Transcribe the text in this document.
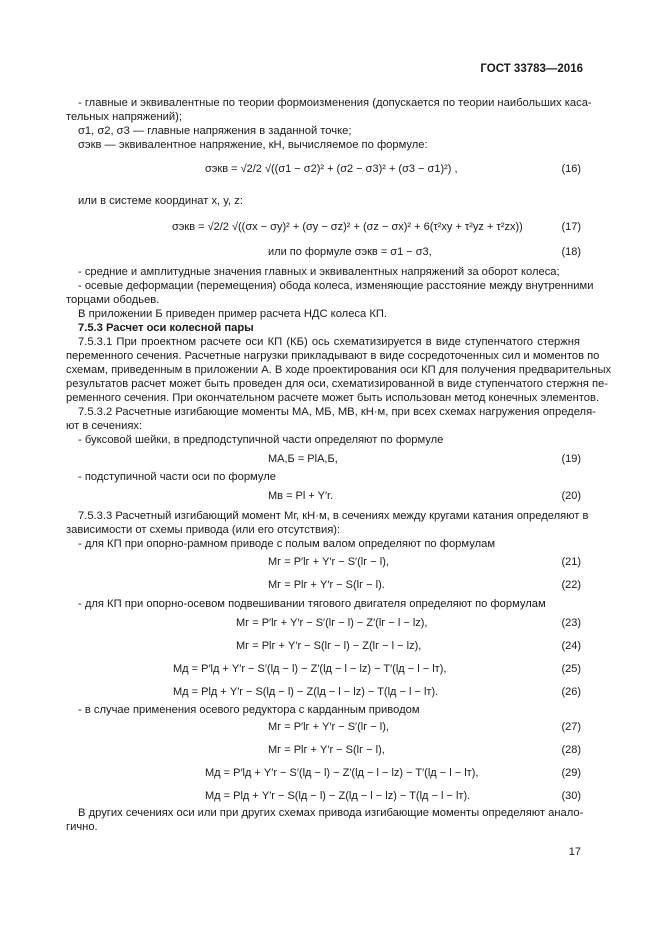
ГОСТ 33783—2016
- главные и эквивалентные по теории формоизменения (допускается по теории наибольших каса-
тельных напряжений);
σ1, σ2, σ3 — главные напряжения в заданной точке;
σэкв — эквивалентное напряжение, кН, вычисляемое по формуле:
σэкв = √2/2 √((σ1 − σ2)² + (σ2 − σ3)² + (σ3 − σ1)²) ,	(16)
или в системе координат x, y, z:
σэкв = √2/2 √((σx − σy)² + (σy − σz)² + (σz − σx)² + 6(τ²xy + τ²yz + τ²zx))	(17)
или по формуле σэкв = σ1 − σ3,	(18)
- средние и амплитудные значения главных и эквивалентных напряжений за оборот колеса;
- осевые деформации (перемещения) обода колеса, изменяющие расстояние между внутренними
торцами ободьев.
В приложении Б приведен пример расчета НДС колеса КП.
7.5.3 Расчет оси колесной пары
7.5.3.1 При проектном расчете оси КП (КБ) ось схематизируется в виде ступенчатого стержня
переменного сечения. Расчетные нагрузки прикладывают в виде сосредоточенных сил и моментов по
схемам, приведенным в приложении А. В ходе проектирования оси КП для получения предварительных
результатов расчет может быть проведен для оси, схематизированной в виде ступенчатого стержня пе-
ременного сечения. При окончательном расчете может быть использован метод конечных элементов.
7.5.3.2 Расчетные изгибающие моменты MА, MБ, MВ, кН·м, при всех схемах нагружения определя-
ют в сечениях:
- буксовой шейки, в предподступичной части определяют по формуле
MА,Б = PlА,Б,	(19)
- подступичной части оси по формуле
Mв = Pl + Y′r.	(20)
7.5.3.3 Расчетный изгибающий момент Mг, кН·м, в сечениях между кругами катания определяют в
зависимости от схемы привода (или его отсутствия):
- для КП при опорно-рамном приводе с полым валом определяют по формулам
Mг = P′lг + Y′r − S′(lг − l),	(21)
Mг = Plг + Y′r − S(lг − l).	(22)
- для КП при опорно-осевом подвешивании тягового двигателя определяют по формулам
Mг = P′lг + Y′r − S′(lг − l) − Z′(lг − l − lz),	(23)
Mг = Plг + Y′r − S(lг − l) − Z(lг − l − lz),	(24)
Mд = P′lд + Y′r − S′(lд − l) − Z′(lд − l − lz) − T′(lд − l − lт),	(25)
Mд = Plд + Y′r − S(lд − l) − Z(lд − l − lz) − T(lд − l − lт).	(26)
- в случае применения осевого редуктора с карданным приводом
Mг = P′lг + Y′r − S′(lг − l),	(27)
Mг = Plг + Y′r − S(lг − l),	(28)
Mд = P′lд + Y′r − S′(lд − l) − Z′(lд − l − lz) − T′(lд − l − lт),	(29)
Mд = Plд + Y′r − S(lд − l) − Z(lд − l − lz) − T(lд − l − lт).	(30)
В других сечениях оси или при других схемах привода изгибающие моменты определяют анало-
гично.
17
